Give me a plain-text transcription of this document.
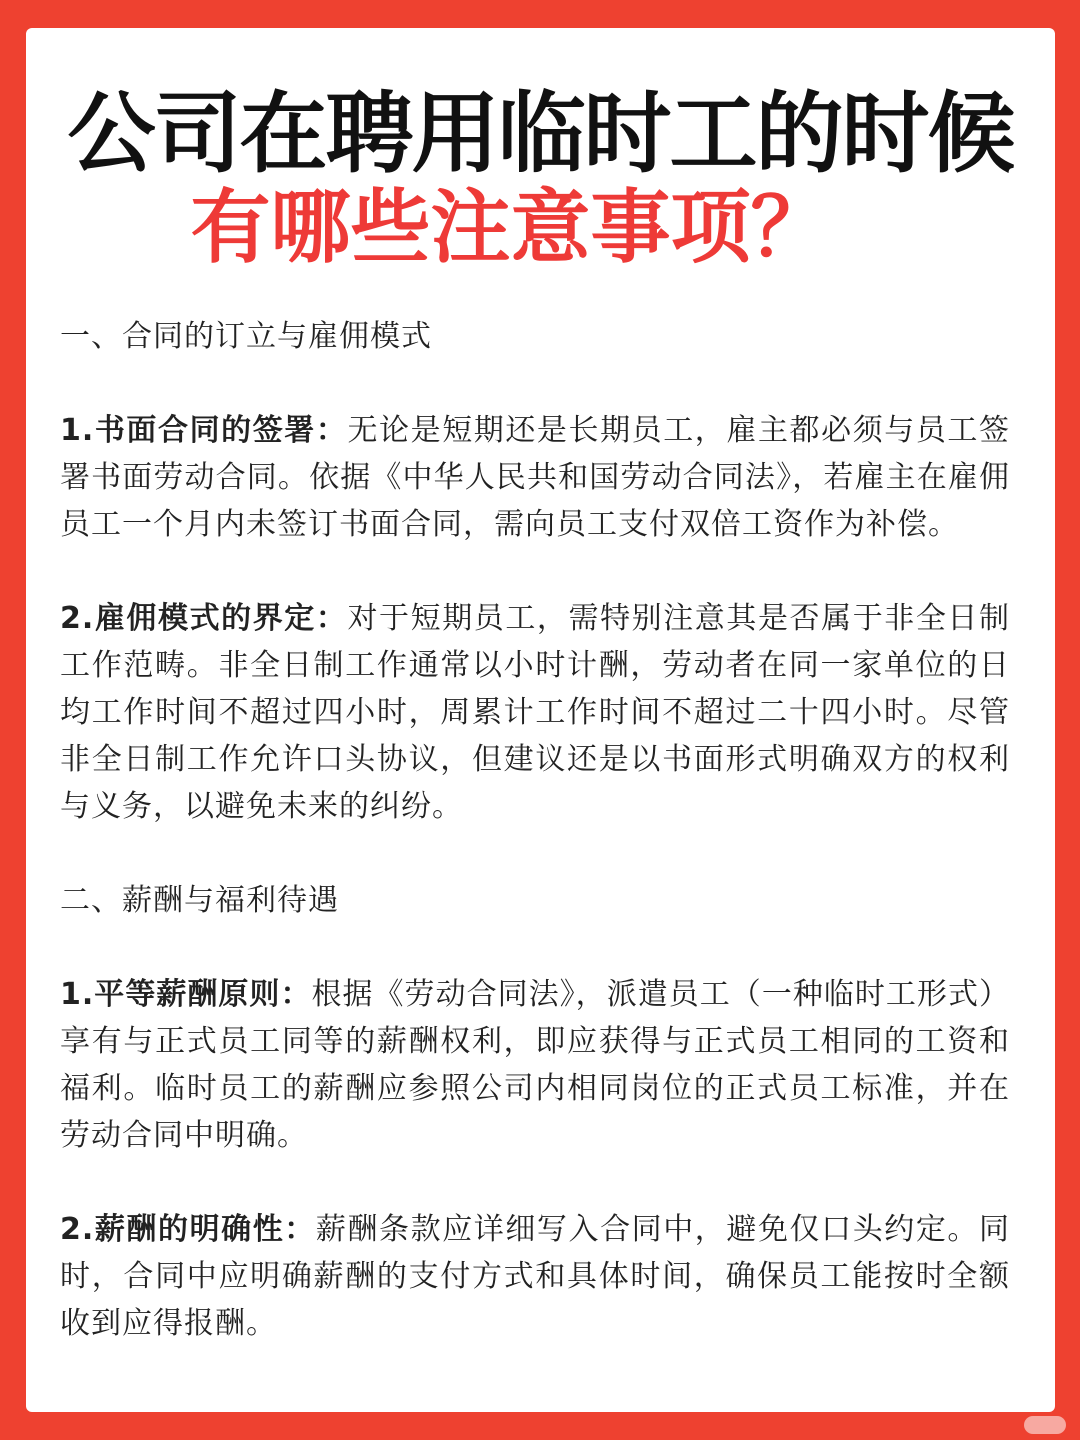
公司在聘用临时工的时候
有哪些注意事项？

一、合同的订立与雇佣模式

1.书面合同的签署：无论是短期还是长期员工，雇主都必须与员工签署书面劳动合同。依据《中华人民共和国劳动合同法》，若雇主在雇佣员工一个月内未签订书面合同，需向员工支付双倍工资作为补偿。

2.雇佣模式的界定：对于短期员工，需特别注意其是否属于非全日制工作范畴。非全日制工作通常以小时计酬，劳动者在同一家单位的日均工作时间不超过四小时，周累计工作时间不超过二十四小时。尽管非全日制工作允许口头协议，但建议还是以书面形式明确双方的权利与义务，以避免未来的纠纷。

二、薪酬与福利待遇

1.平等薪酬原则：根据《劳动合同法》，派遣员工（一种临时工形式）享有与正式员工同等的薪酬权利，即应获得与正式员工相同的工资和福利。临时员工的薪酬应参照公司内相同岗位的正式员工标准，并在劳动合同中明确。

2.薪酬的明确性：薪酬条款应详细写入合同中，避免仅口头约定。同时，合同中应明确薪酬的支付方式和具体时间，确保员工能按时全额收到应得报酬。
